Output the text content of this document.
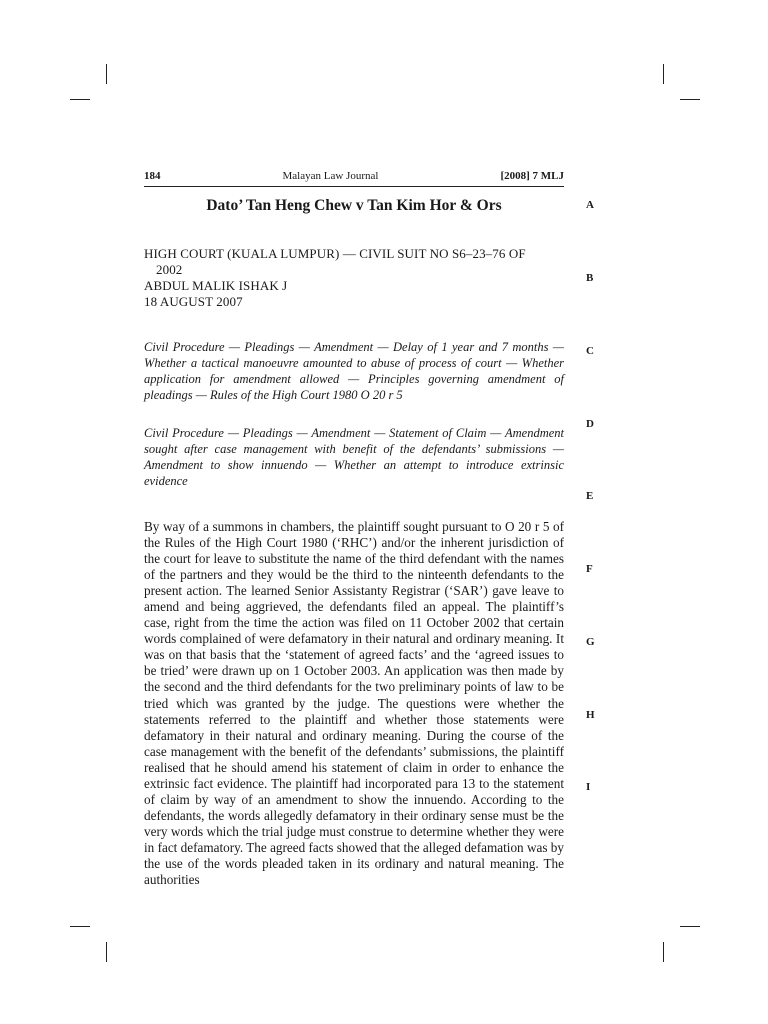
184	Malayan Law Journal	[2008] 7 MLJ
Dato’ Tan Heng Chew v Tan Kim Hor & Ors
HIGH COURT (KUALA LUMPUR) — CIVIL SUIT NO S6–23–76 OF
2002
ABDUL MALIK ISHAK J
18 AUGUST 2007
Civil Procedure — Pleadings — Amendment — Delay of 1 year and 7 months — Whether a tactical manoeuvre amounted to abuse of process of court — Whether application for amendment allowed — Principles governing amendment of pleadings — Rules of the High Court 1980 O 20 r 5
Civil Procedure — Pleadings — Amendment — Statement of Claim — Amendment sought after case management with benefit of the defendants’ submissions — Amendment to show innuendo — Whether an attempt to introduce extrinsic evidence
By way of a summons in chambers, the plaintiff sought pursuant to O 20 r 5 of the Rules of the High Court 1980 (‘RHC’) and/or the inherent jurisdiction of the court for leave to substitute the name of the third defendant with the names of the partners and they would be the third to the ninteenth defendants to the present action. The learned Senior Assistanty Registrar (‘SAR’) gave leave to amend and being aggrieved, the defendants filed an appeal. The plaintiff’s case, right from the time the action was filed on 11 October 2002 that certain words complained of were defamatory in their natural and ordinary meaning. It was on that basis that the ‘statement of agreed facts’ and the ‘agreed issues to be tried’ were drawn up on 1 October 2003. An application was then made by the second and the third defendants for the two preliminary points of law to be tried which was granted by the judge. The questions were whether the statements referred to the plaintiff and whether those statements were defamatory in their natural and ordinary meaning. During the course of the case management with the benefit of the defendants’ submissions, the plaintiff realised that he should amend his statement of claim in order to enhance the extrinsic fact evidence. The plaintiff had incorporated para 13 to the statement of claim by way of an amendment to show the innuendo. According to the defendants, the words allegedly defamatory in their ordinary sense must be the very words which the trial judge must construe to determine whether they were in fact defamatory. The agreed facts showed that the alleged defamation was by the use of the words pleaded taken in its ordinary and natural meaning. The authorities
A
B
C
D
E
F
G
H
I
